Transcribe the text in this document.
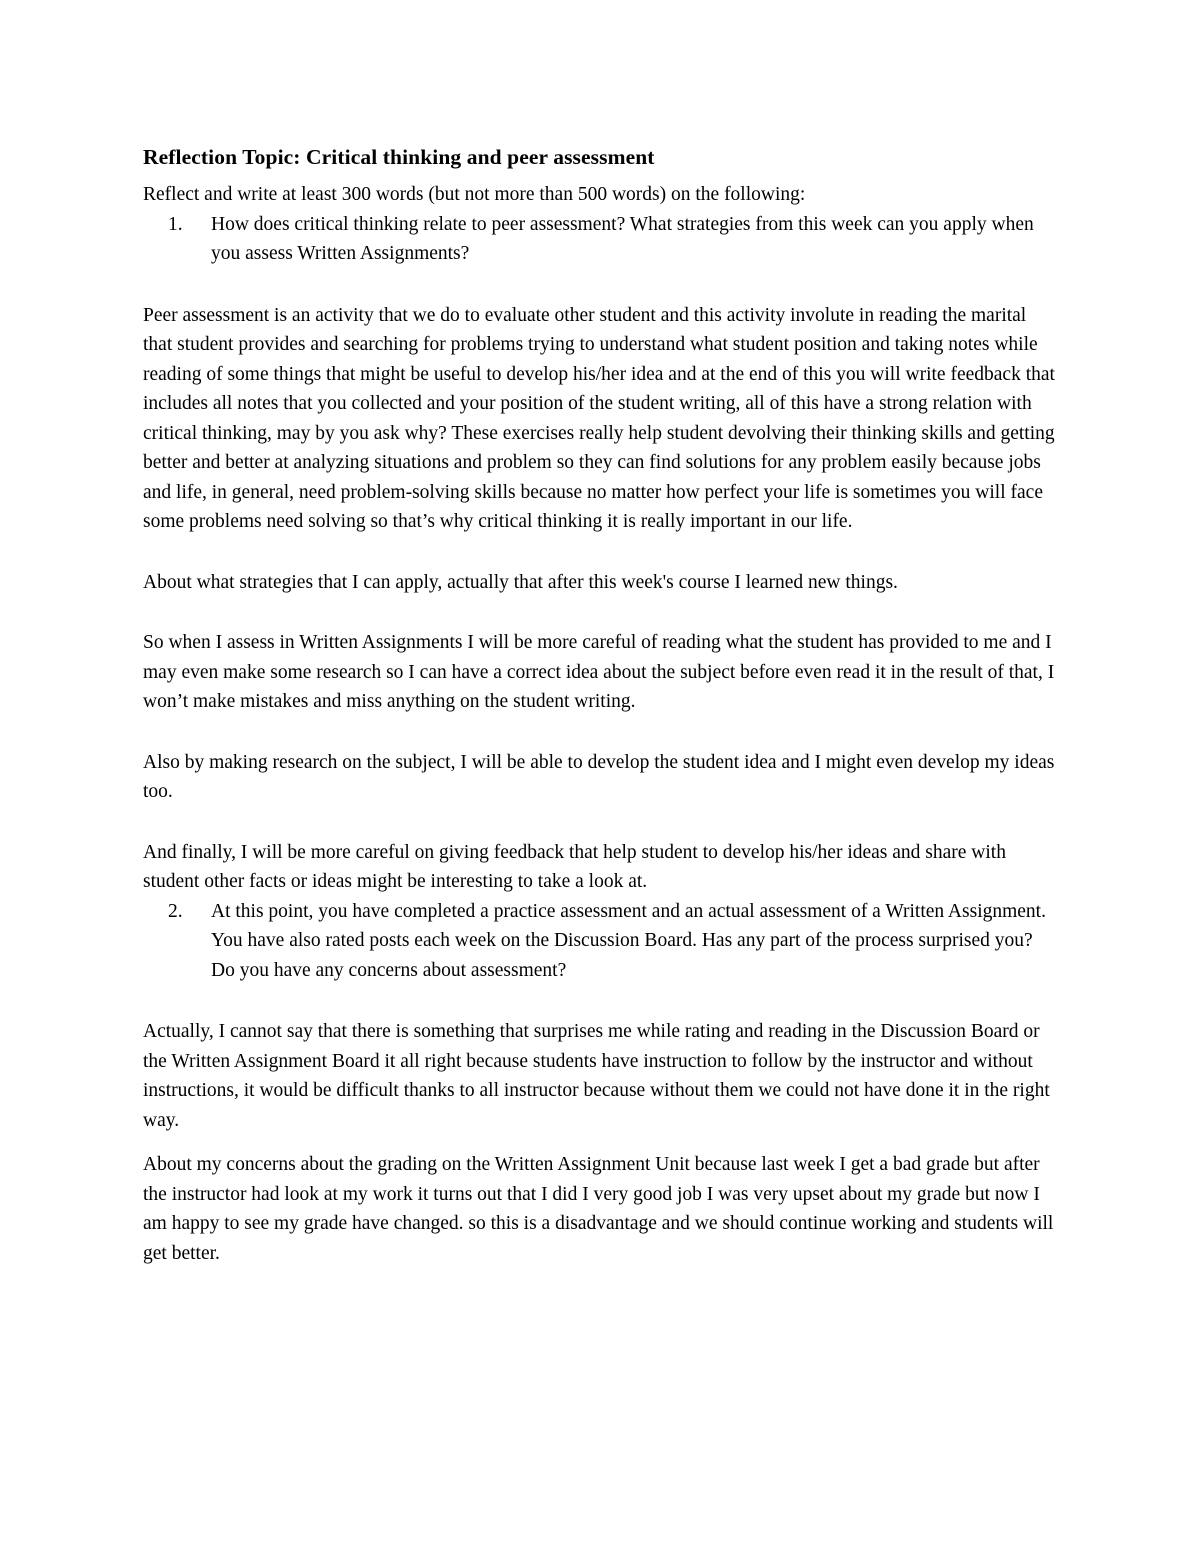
Reflection Topic: Critical thinking and peer assessment

Reflect and write at least 300 words (but not more than 500 words) on the following:

1. How does critical thinking relate to peer assessment? What strategies from this week can you apply when you assess Written Assignments?

Peer assessment is an activity that we do to evaluate other student and this activity involute in reading the marital that student provides and searching for problems trying to understand what student position and taking notes while reading of some things that might be useful to develop his/her idea and at the end of this you will write feedback that includes all notes that you collected and your position of the student writing, all of this have a strong relation with critical thinking, may by you ask why? These exercises really help student devolving their thinking skills and getting better and better at analyzing situations and problem so they can find solutions for any problem easily because jobs and life, in general, need problem-solving skills because no matter how perfect your life is sometimes you will face some problems need solving so that’s why critical thinking it is really important in our life.

About what strategies that I can apply, actually that after this week's course I learned new things.

So when I assess in Written Assignments I will be more careful of reading what the student has provided to me and I may even make some research so I can have a correct idea about the subject before even read it in the result of that, I won’t make mistakes and miss anything on the student writing.

Also by making research on the subject, I will be able to develop the student idea and I might even develop my ideas too.

And finally, I will be more careful on giving feedback that help student to develop his/her ideas and share with student other facts or ideas might be interesting to take a look at.

2. At this point, you have completed a practice assessment and an actual assessment of a Written Assignment. You have also rated posts each week on the Discussion Board. Has any part of the process surprised you? Do you have any concerns about assessment?

Actually, I cannot say that there is something that surprises me while rating and reading in the Discussion Board or the Written Assignment Board it all right because students have instruction to follow by the instructor and without instructions, it would be difficult thanks to all instructor because without them we could not have done it in the right way.

About my concerns about the grading on the Written Assignment Unit because last week I get a bad grade but after the instructor had look at my work it turns out that I did I very good job I was very upset about my grade but now I am happy to see my grade have changed. so this is a disadvantage and we should continue working and students will get better.
